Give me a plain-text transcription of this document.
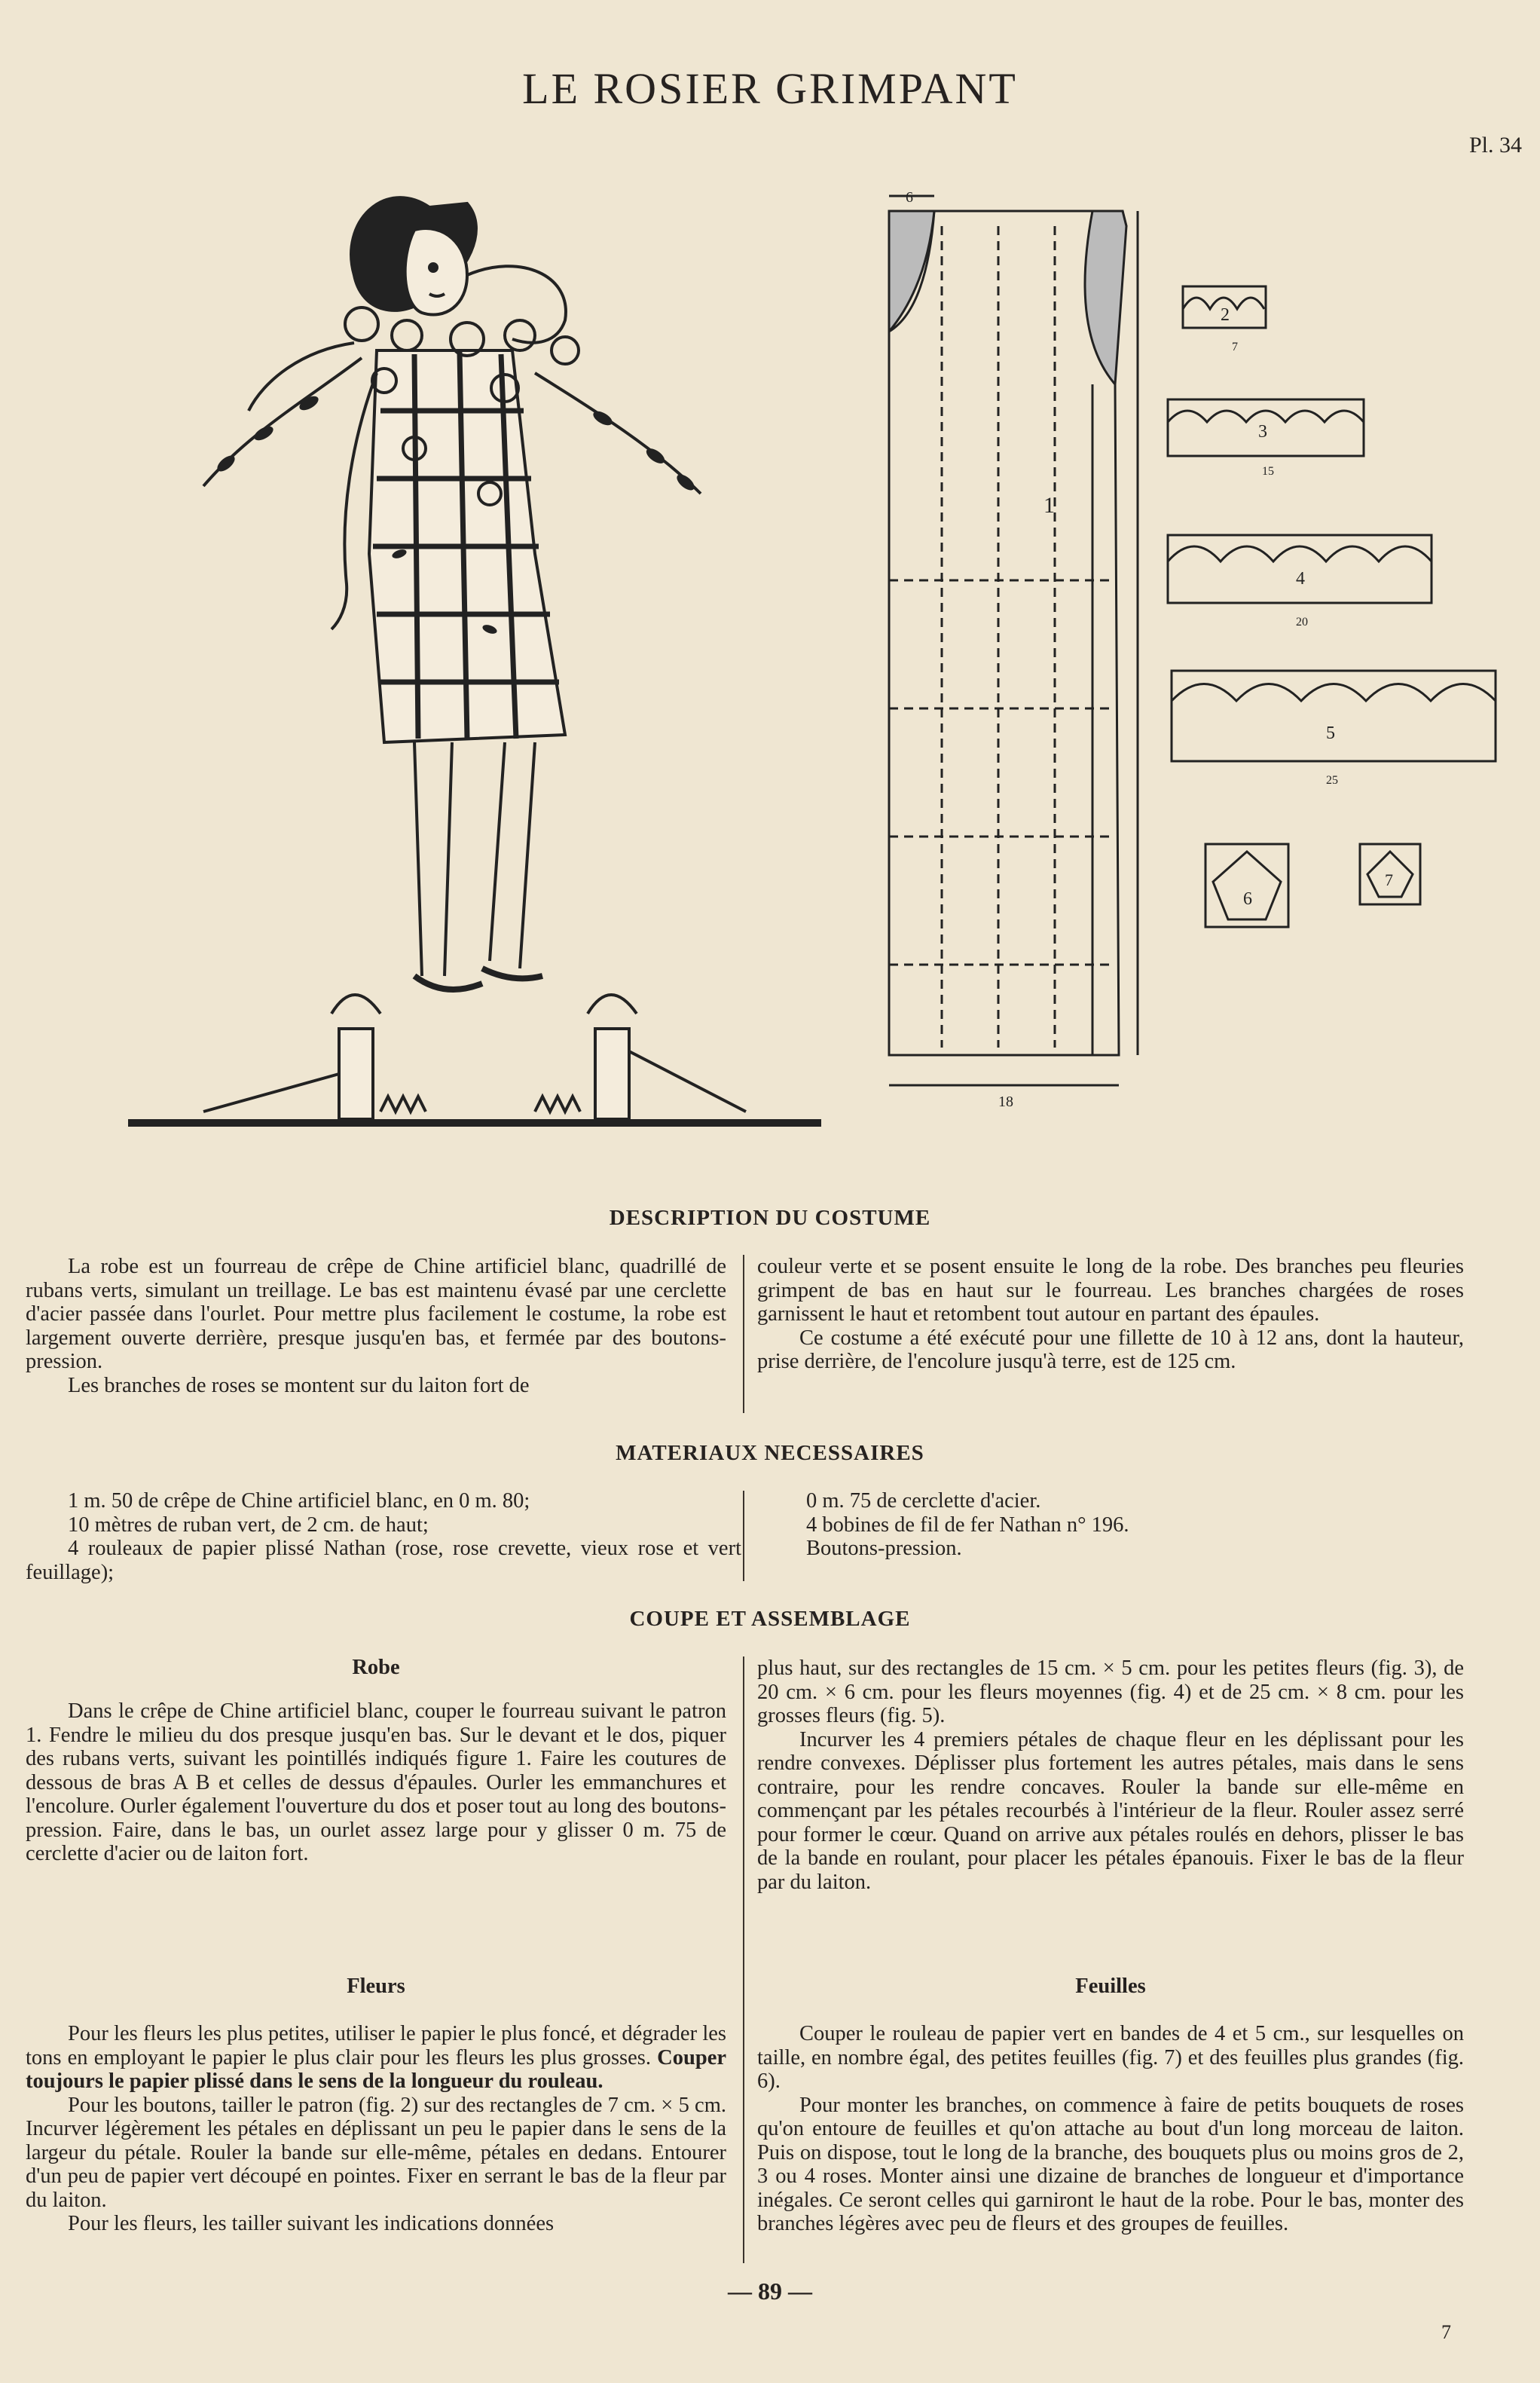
LE ROSIER GRIMPANT
Pl. 34
1
6
18
2
3
4
5
6
7
7
15
20
25
DESCRIPTION DU COSTUME

La robe est un fourreau de crêpe de Chine artificiel blanc, quadrillé de rubans verts, simulant un treillage. Le bas est maintenu évasé par une cerclette d'acier passée dans l'ourlet. Pour mettre plus facilement le costume, la robe est largement ouverte derrière, presque jusqu'en bas, et fermée par des boutons-pression.

Les branches de roses se montent sur du laiton fort de

couleur verte et se posent ensuite le long de la robe. Des branches peu fleuries grimpent de bas en haut sur le fourreau. Les branches chargées de roses garnissent le haut et retombent tout autour en partant des épaules.

Ce costume a été exécuté pour une fillette de 10 à 12 ans, dont la hauteur, prise derrière, de l'encolure jusqu'à terre, est de 125 cm.

MATERIAUX NECESSAIRES

1 m. 50 de crêpe de Chine artificiel blanc, en 0 m. 80;

10 mètres de ruban vert, de 2 cm. de haut;

4 rouleaux de papier plissé Nathan (rose, rose crevette, vieux rose et vert feuillage);

0 m. 75 de cerclette d'acier.

4 bobines de fil de fer Nathan n° 196.

Boutons-pression.

COUPE ET ASSEMBLAGE
Robe

Dans le crêpe de Chine artificiel blanc, couper le fourreau suivant le patron 1. Fendre le milieu du dos presque jusqu'en bas. Sur le devant et le dos, piquer des rubans verts, suivant les pointillés indiqués figure 1. Faire les coutures de dessous de bras A B et celles de dessus d'épaules. Ourler les emmanchures et l'encolure. Ourler également l'ouverture du dos et poser tout au long des boutons-pression. Faire, dans le bas, un ourlet assez large pour y glisser 0 m. 75 de cerclette d'acier ou de laiton fort.

plus haut, sur des rectangles de 15 cm. × 5 cm. pour les petites fleurs (fig. 3), de 20 cm. × 6 cm. pour les fleurs moyennes (fig. 4) et de 25 cm. × 8 cm. pour les grosses fleurs (fig. 5).

Incurver les 4 premiers pétales de chaque fleur en les déplissant pour les rendre convexes. Déplisser plus fortement les autres pétales, mais dans le sens contraire, pour les rendre concaves. Rouler la bande sur elle-même en commençant par les pétales recourbés à l'intérieur de la fleur. Rouler assez serré pour former le cœur. Quand on arrive aux pétales roulés en dehors, plisser le bas de la bande en roulant, pour placer les pétales épanouis. Fixer le bas de la fleur par du laiton.

Fleurs

Pour les fleurs les plus petites, utiliser le papier le plus foncé, et dégrader les tons en employant le papier le plus clair pour les fleurs les plus grosses. Couper toujours le papier plissé dans le sens de la longueur du rouleau.

Pour les boutons, tailler le patron (fig. 2) sur des rectangles de 7 cm. × 5 cm. Incurver légèrement les pétales en déplissant un peu le papier dans le sens de la largeur du pétale. Rouler la bande sur elle-même, pétales en dedans. Entourer d'un peu de papier vert découpé en pointes. Fixer en serrant le bas de la fleur par du laiton.

Pour les fleurs, les tailler suivant les indications données

Feuilles

Couper le rouleau de papier vert en bandes de 4 et 5 cm., sur lesquelles on taille, en nombre égal, des petites feuilles (fig. 7) et des feuilles plus grandes (fig. 6).

Pour monter les branches, on commence à faire de petits bouquets de roses qu'on entoure de feuilles et qu'on attache au bout d'un long morceau de laiton. Puis on dispose, tout le long de la branche, des bouquets plus ou moins gros de 2, 3 ou 4 roses. Monter ainsi une dizaine de branches de longueur et d'importance inégales. Ce seront celles qui garniront le haut de la robe. Pour le bas, monter des branches légères avec peu de fleurs et des groupes de feuilles.

— 89 —
7
